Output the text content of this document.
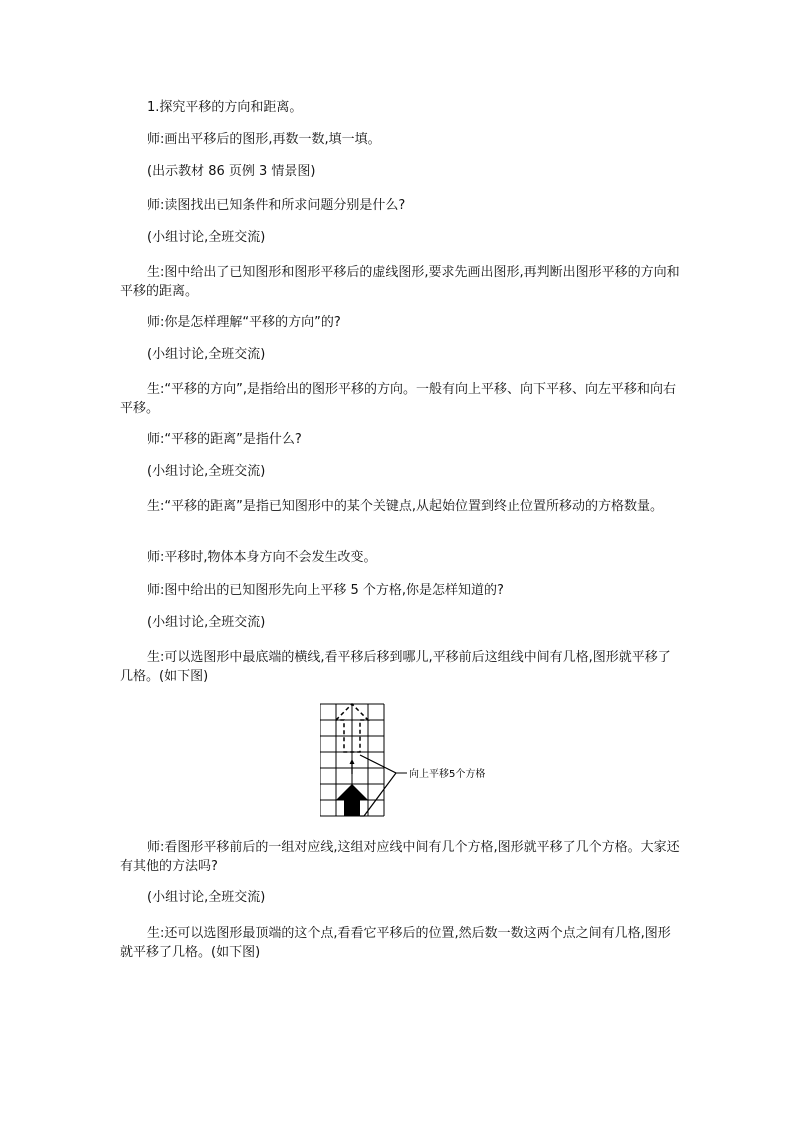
1.探究平移的方向和距离。

师:画出平移后的图形,再数一数,填一填。

(出示教材 86 页例 3 情景图)

师:读图找出已知条件和所求问题分别是什么?

(小组讨论,全班交流)

生:图中给出了已知图形和图形平移后的虚线图形,要求先画出图形,再判断出图形平移的方向和平移的距离。

师:你是怎样理解“平移的方向”的?

(小组讨论,全班交流)

生:“平移的方向”,是指给出的图形平移的方向。一般有向上平移、向下平移、向左平移和向右平移。

师:“平移的距离”是指什么?

(小组讨论,全班交流)

生:“平移的距离”是指已知图形中的某个关键点,从起始位置到终止位置所移动的方格数量。

师:平移时,物体本身方向不会发生改变。

师:图中给出的已知图形先向上平移 5 个方格,你是怎样知道的?

(小组讨论,全班交流)

生:可以选图形中最底端的横线,看平移后移到哪儿,平移前后这组线中间有几格,图形就平移了几格。(如下图)

向上平移5个方格

师:看图形平移前后的一组对应线,这组对应线中间有几个方格,图形就平移了几个方格。大家还有其他的方法吗?

(小组讨论,全班交流)

生:还可以选图形最顶端的这个点,看看它平移后的位置,然后数一数这两个点之间有几格,图形就平移了几格。(如下图)
